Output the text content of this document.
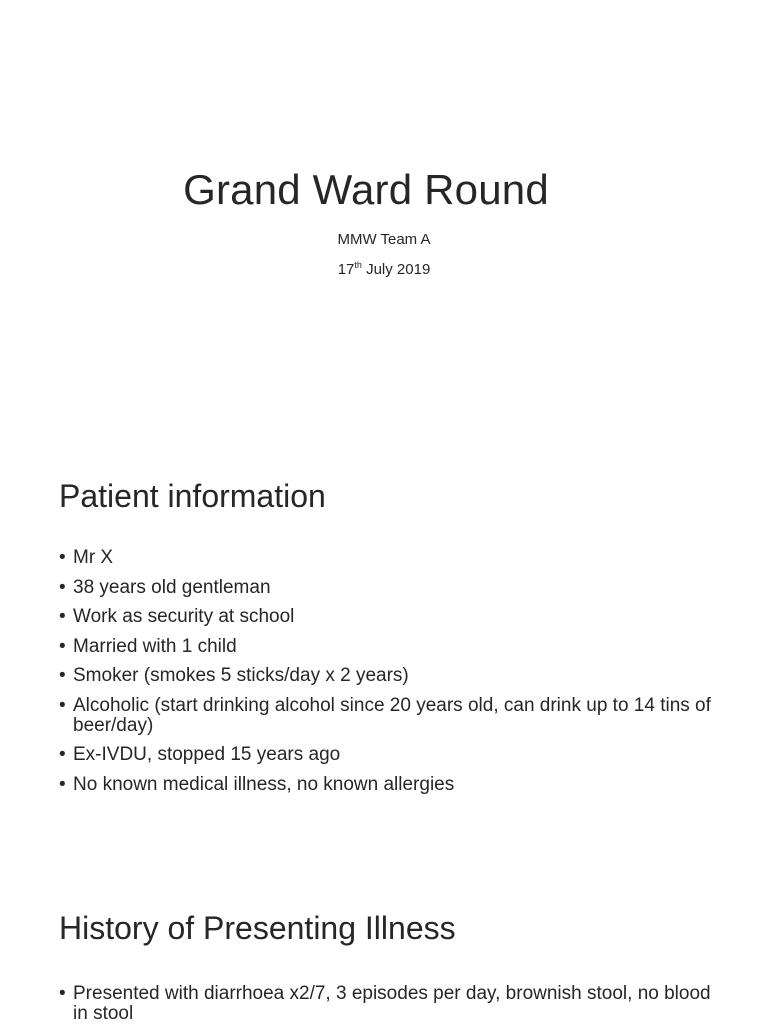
Grand Ward Round
MMW Team A
17th July 2019
Patient information
• Mr X
• 38 years old gentleman
• Work as security at school
• Married with 1 child
• Smoker (smokes 5 sticks/day x 2 years)
• Alcoholic (start drinking alcohol since 20 years old, can drink up to 14 tins of beer/day)
• Ex-IVDU, stopped 15 years ago
• No known medical illness, no known allergies
History of Presenting Illness
• Presented with diarrhoea x2/7, 3 episodes per day, brownish stool, no blood in stool
